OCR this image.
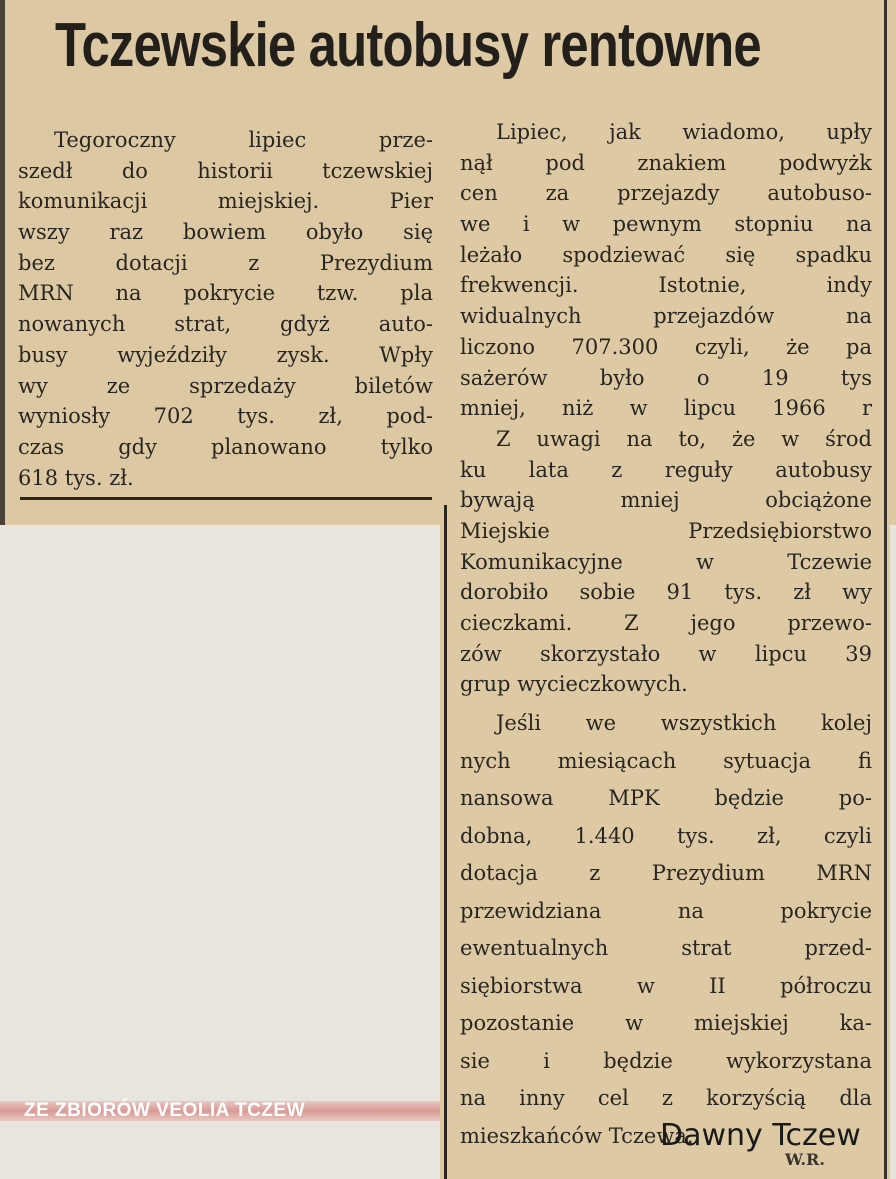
Tczewskie autobusy rentowne
Tegoroczny lipiec prze-
szedł do historii tczewskiej
komunikacji miejskiej. Pier
wszy raz bowiem obyło się
bez dotacji z Prezydium
MRN na pokrycie tzw. pla
nowanych strat, gdyż auto-
busy wyjeździły zysk. Wpły
wy ze sprzedaży biletów
wyniosły 702 tys. zł, pod-
czas gdy planowano tylko
618 tys. zł.
Lipiec, jak wiadomo, upły
nął pod znakiem podwyżk
cen za przejazdy autobuso-
we i w pewnym stopniu na
leżało spodziewać się spadku
frekwencji. Istotnie, indy
widualnych przejazdów na
liczono 707.300 czyli, że pa
sażerów było o 19 tys
mniej, niż w lipcu 1966 r
Z uwagi na to, że w środ
ku lata z reguły autobusy
bywają mniej obciążone
Miejskie Przedsiębiorstwo
Komunikacyjne w Tczewie
dorobiło sobie 91 tys. zł wy
cieczkami. Z jego przewo-
zów skorzystało w lipcu 39
grup wycieczkowych.
Jeśli we wszystkich kolej
nych miesiącach sytuacja fi
nansowa MPK będzie po-
dobna, 1.440 tys. zł, czyli
dotacja z Prezydium MRN
przewidziana na pokrycie
ewentualnych strat przed-
siębiorstwa w II półroczu
pozostanie w miejskiej ka-
sie i będzie wykorzystana
na inny cel z korzyścią dla
mieszkańców Tczewa.
ZE ZBIORÓW VEOLIA TCZEW
Dawny Tczew
W.R.
